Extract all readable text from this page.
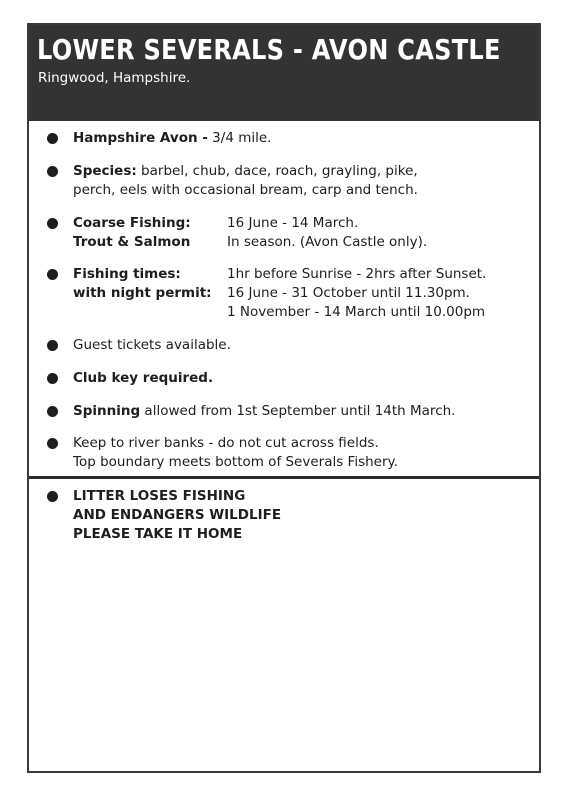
LOWER SEVERALS - AVON CASTLE
Ringwood, Hampshire.
Hampshire Avon - 3/4 mile.
Species: barbel, chub, dace, roach, grayling, pike,
perch, eels with occasional bream, carp and tench.
Coarse Fishing:	16 June - 14 March.
Trout & Salmon	In season. (Avon Castle only).
Fishing times:	1hr before Sunrise - 2hrs after Sunset.
with night permit: 16 June - 31 October until 11.30pm.
1 November - 14 March until 10.00pm
Guest tickets available.
Club key required.
Spinning allowed from 1st September until 14th March.
Keep to river banks - do not cut across fields.
Top boundary meets bottom of Severals Fishery.
LITTER LOSES FISHING
AND ENDANGERS WILDLIFE
PLEASE TAKE IT HOME
